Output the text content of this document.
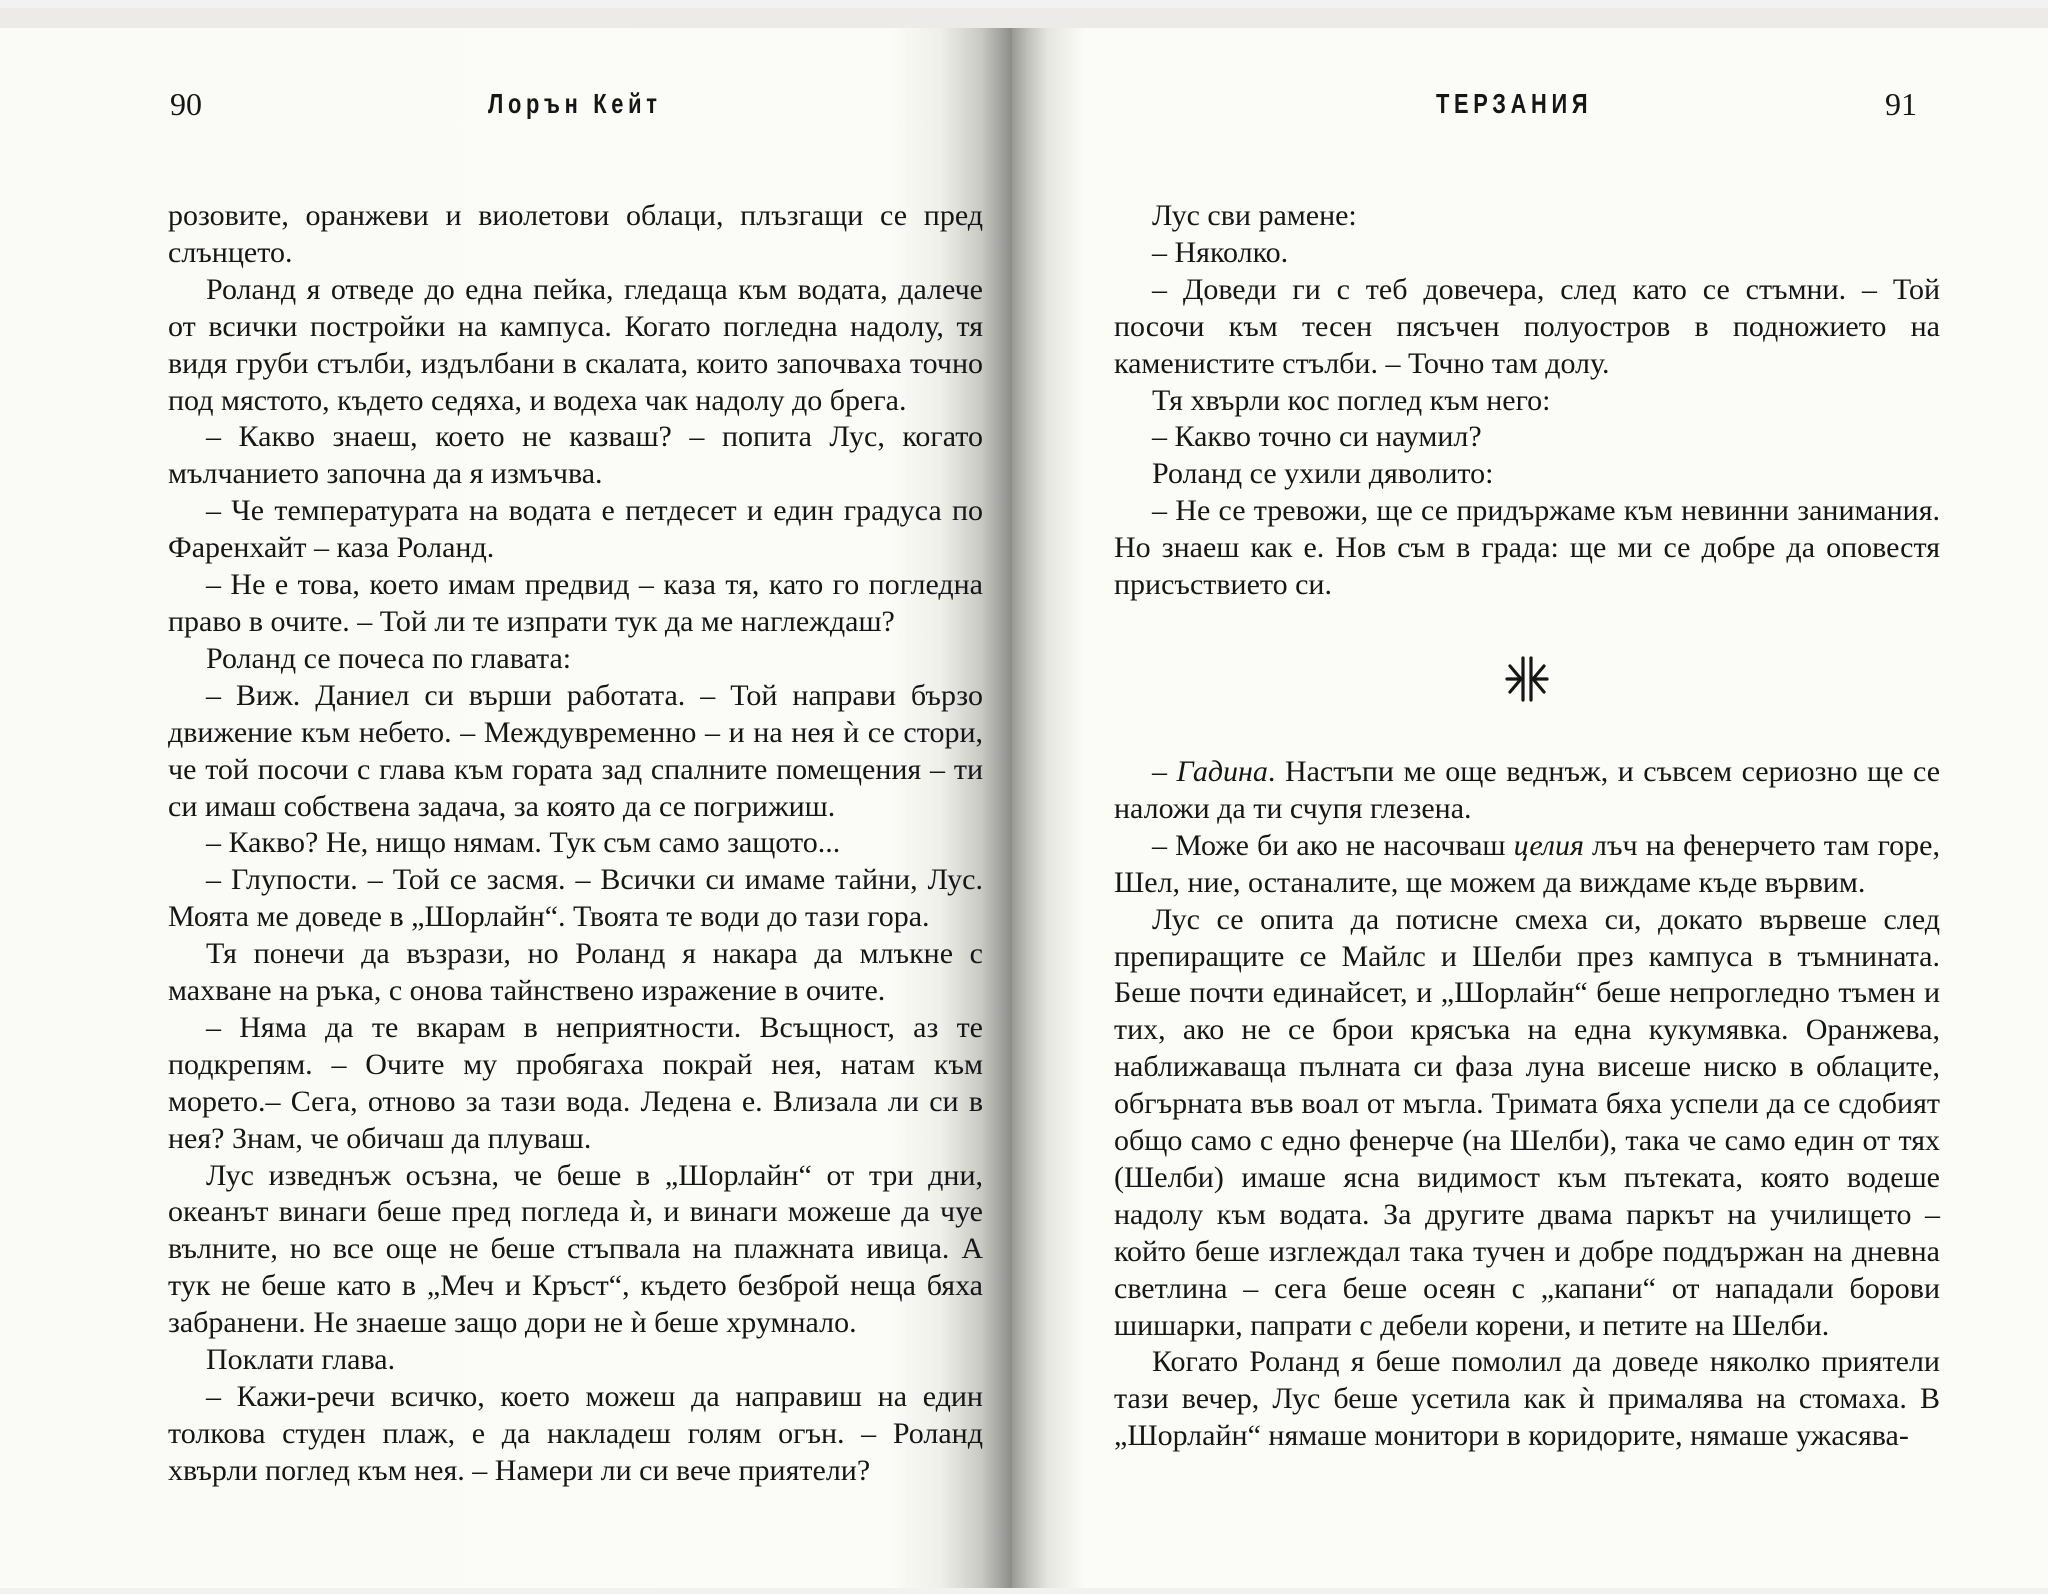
90	Лорън Кейт

розовите, оранжеви и виолетови облаци, плъзгащи се пред слънцето.

Роланд я отведе до една пейка, гледаща към водата, далече от всички постройки на кампуса. Когато погледна надолу, тя видя груби стълби, издълбани в скалата, които започваха точно под мястото, където седяха, и водеха чак надолу до брега.

– Какво знаеш, което не казваш? – попита Лус, когато мълчанието започна да я измъчва.

– Че температурата на водата е петдесет и един градуса по Фаренхайт – каза Роланд.

– Не е това, което имам предвид – каза тя, като го погледна право в очите. – Той ли те изпрати тук да ме наглеждаш?

Роланд се почеса по главата:

– Виж. Даниел си върши работата. – Той направи бързо движение към небето. – Междувременно – и на нея ѝ се стори, че той посочи с глава към гората зад спалните помещения – ти си имаш собствена задача, за която да се погрижиш.

– Какво? Не, нищо нямам. Тук съм само защото...

– Глупости. – Той се засмя. – Всички си имаме тайни, Лус. Моята ме доведе в „Шорлайн“. Твоята те води до тази гора.

Тя понечи да възрази, но Роланд я накара да млъкне с махване на ръка, с онова тайнствено изражение в очите.

– Няма да те вкарам в неприятности. Всъщност, аз те подкрепям. – Очите му пробягаха покрай нея, натам към морето.– Сега, отново за тази вода. Ледена е. Влизала ли си в нея? Знам, че обичаш да плуваш.

Лус изведнъж осъзна, че беше в „Шорлайн“ от три дни, океанът винаги беше пред погледа ѝ, и винаги можеше да чуе вълните, но все още не беше стъпвала на плажната ивица. А тук не беше като в „Меч и Кръст“, където безброй неща бяха забранени. Не знаеше защо дори не ѝ беше хрумнало.

Поклати глава.

– Кажи-речи всичко, което можеш да направиш на един толкова студен плаж, е да накладеш голям огън. – Роланд хвърли поглед към нея. – Намери ли си вече приятели?

ТЕРЗАНИЯ	91

Лус сви рамене:

– Няколко.

– Доведи ги с теб довечера, след като се стъмни. – Той посочи към тесен пясъчен полуостров в подножието на каменистите стълби. – Точно там долу.

Тя хвърли кос поглед към него:

– Какво точно си наумил?

Роланд се ухили дяволито:

– Не се тревожи, ще се придържаме към невинни занимания. Но знаеш как е. Нов съм в града: ще ми се добре да оповестя присъствието си.

– Гадина. Настъпи ме още веднъж, и съвсем сериозно ще се наложи да ти счупя глезена.

– Може би ако не насочваш целия лъч на фенерчето там горе, Шел, ние, останалите, ще можем да виждаме къде вървим.

Лус се опита да потисне смеха си, докато вървеше след препиращите се Майлс и Шелби през кампуса в тъмнината. Беше почти единайсет, и „Шорлайн“ беше непрогледно тъмен и тих, ако не се брои крясъка на една кукумявка. Оранжева, наближаваща пълната си фаза луна висеше ниско в облаците, обгърната във воал от мъгла. Тримата бяха успели да се сдобият общо само с едно фенерче (на Шелби), така че само един от тях (Шелби) имаше ясна видимост към пътеката, която водеше надолу към водата. За другите двама паркът на училището – който беше изглеждал така тучен и добре поддържан на дневна светлина – сега беше осеян с „капани“ от нападали борови шишарки, папрати с дебели корени, и петите на Шелби.

Когато Роланд я беше помолил да доведе няколко приятели тази вечер, Лус беше усетила как ѝ прималява на стомаха. В „Шорлайн“ нямаше монитори в коридорите, нямаше ужасява-
